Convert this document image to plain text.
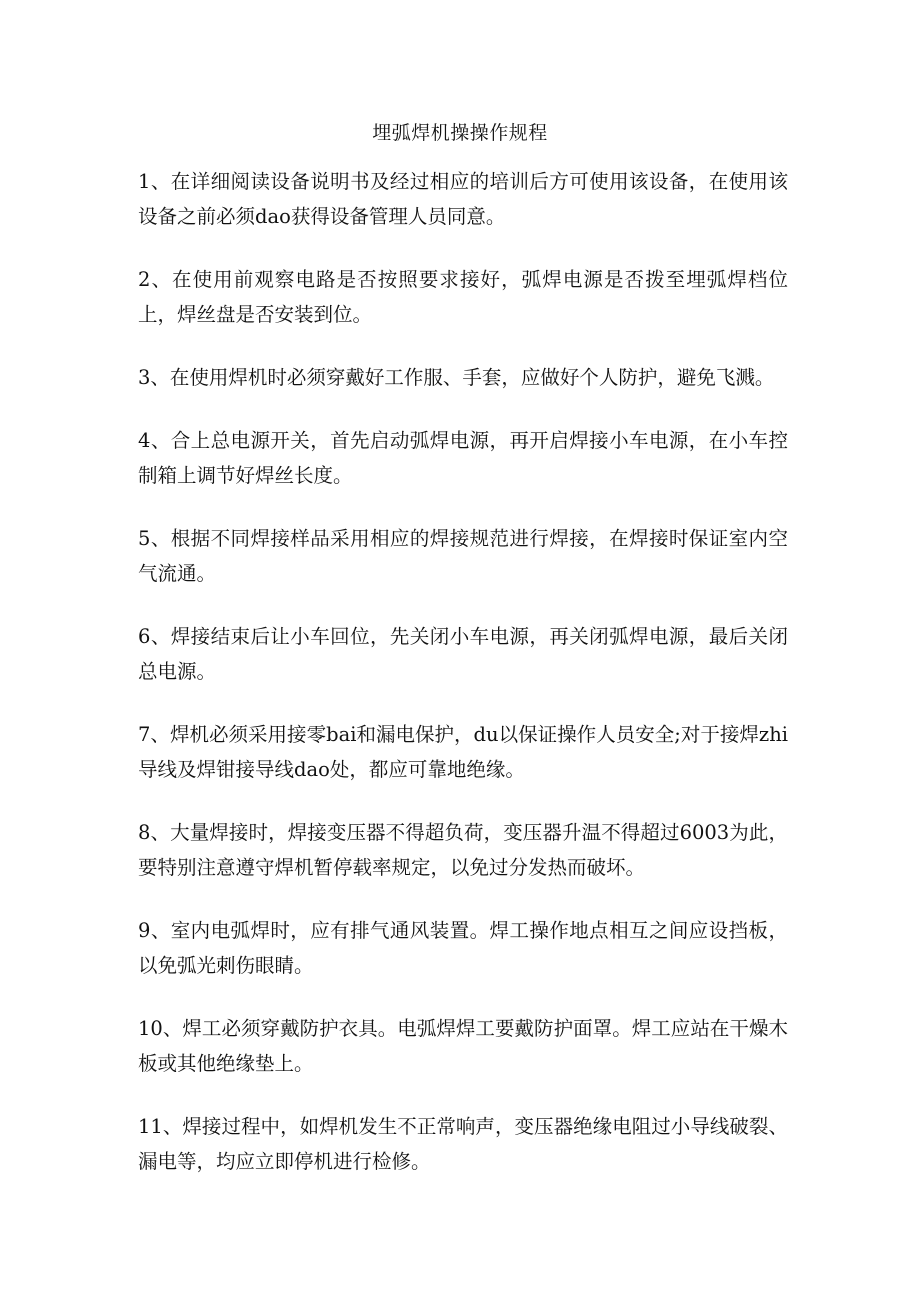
埋弧焊机操操作规程

1、在详细阅读设备说明书及经过相应的培训后方可使用该设备，在使用该设备之前必须dao获得设备管理人员同意。

2、在使用前观察电路是否按照要求接好，弧焊电源是否拨至埋弧焊档位上，焊丝盘是否安装到位。

3、在使用焊机时必须穿戴好工作服、手套，应做好个人防护，避免飞溅。

4、合上总电源开关，首先启动弧焊电源，再开启焊接小车电源，在小车控制箱上调节好焊丝长度。

5、根据不同焊接样品采用相应的焊接规范进行焊接，在焊接时保证室内空气流通。

6、焊接结束后让小车回位，先关闭小车电源，再关闭弧焊电源，最后关闭总电源。

7、焊机必须采用接零bai和漏电保护，du以保证操作人员安全;对于接焊zhi导线及焊钳接导线dao处，都应可靠地绝缘。

8、大量焊接时，焊接变压器不得超负荷，变压器升温不得超过6003为此，要特别注意遵守焊机暂停载率规定，以免过分发热而破坏。

9、室内电弧焊时，应有排气通风装置。焊工操作地点相互之间应设挡板，以免弧光刺伤眼睛。

10、焊工必须穿戴防护衣具。电弧焊焊工要戴防护面罩。焊工应站在干燥木板或其他绝缘垫上。

11、焊接过程中，如焊机发生不正常响声，变压器绝缘电阻过小导线破裂、漏电等，均应立即停机进行检修。
